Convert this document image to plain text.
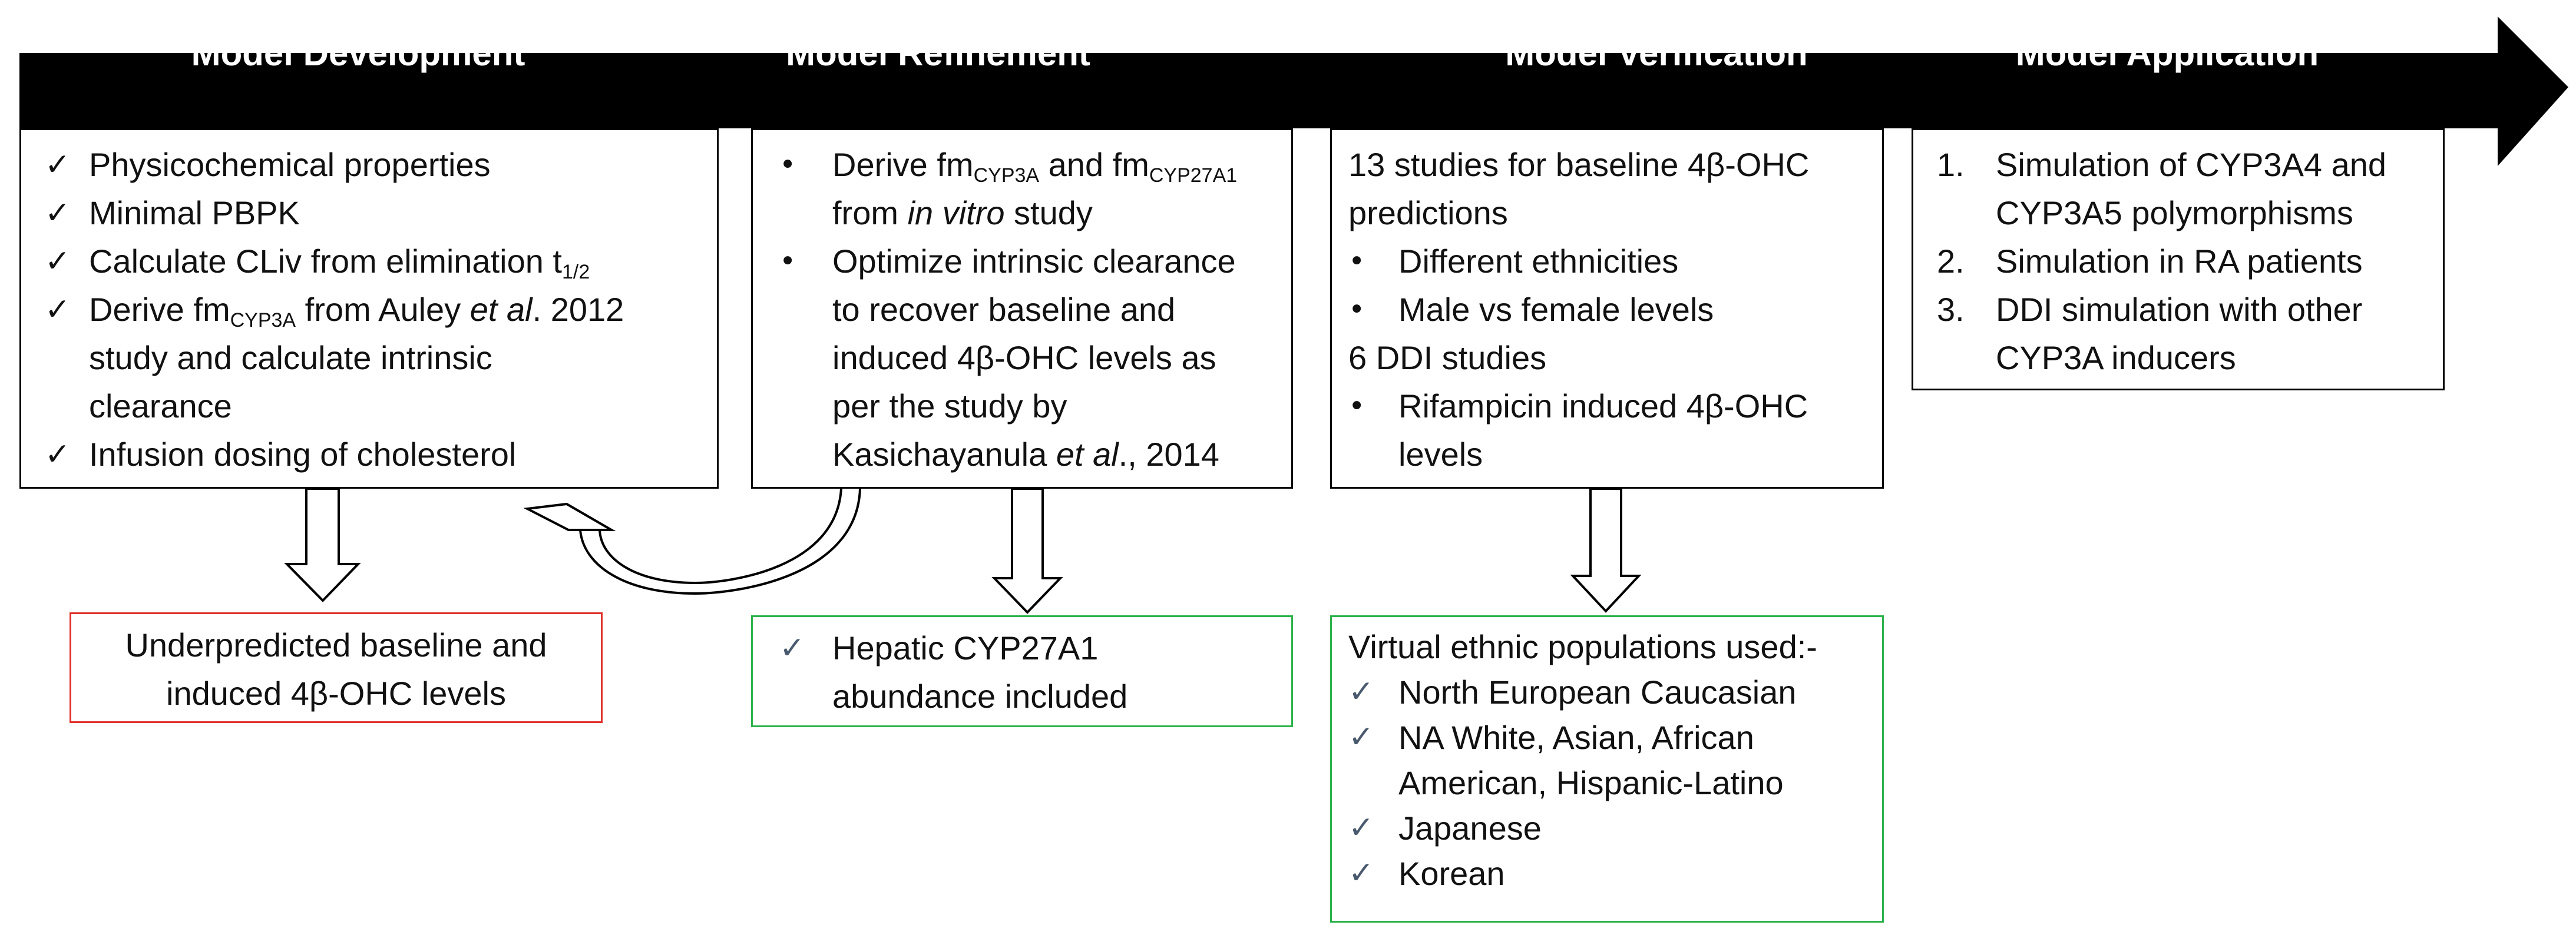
Model Development	Model Refinement	Model Verification	Model Application
✓ Physicochemical properties
✓ Minimal PBPK
✓ Calculate CLiv from elimination $t_{1/2}$
✓ Derive $fm_{CYP3A}$ from Auley et al. 2012
study and calculate intrinsic
clearance
✓ Infusion dosing of cholesterol
• Derive $fm_{CYP3A}$ and $fm_{CYP27A1}$
from in vitro study
• Optimize intrinsic clearance
to recover baseline and
induced 4β-OHC levels as
per the study by
Kasichayanula et al., 2014
13 studies for baseline 4β-OHC
predictions
• Different ethnicities
• Male vs female levels
6 DDI studies
• Rifampicin induced 4β-OHC
levels
1. Simulation of CYP3A4 and
CYP3A5 polymorphisms
2. Simulation in RA patients
3. DDI simulation with other
CYP3A inducers
Underpredicted baseline and
induced 4β-OHC levels
✓ Hepatic CYP27A1
abundance included
Virtual ethnic populations used:-
✓ North European Caucasian
✓ NA White, Asian, African
American, Hispanic-Latino
✓ Japanese
✓ Korean
